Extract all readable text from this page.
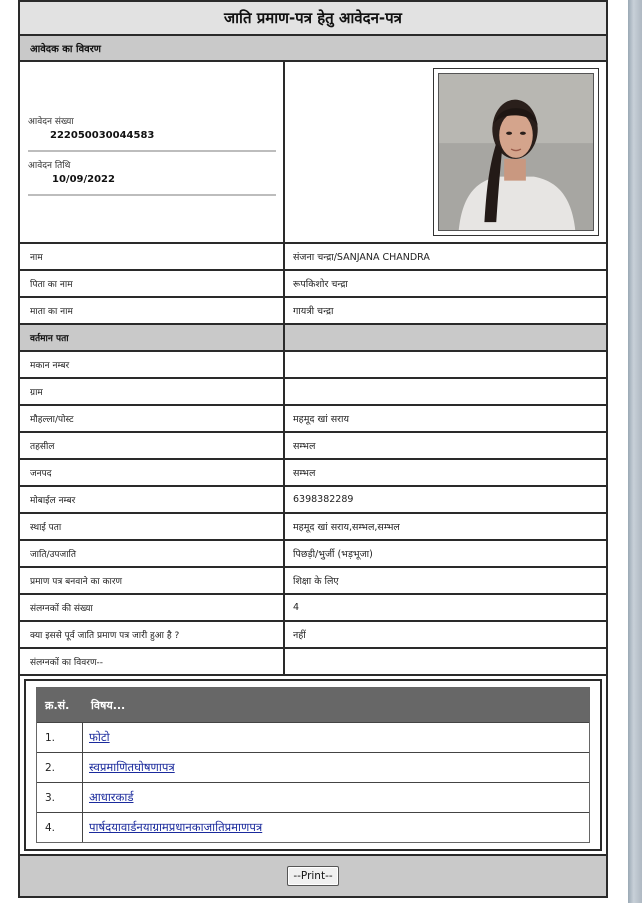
जाति प्रमाण-पत्र हेतु आवेदन-पत्र
आवेदक का विवरण
आवेदन संख्या
222050030044583
आवेदन तिथि
10/09/2022
नाम	संजना चन्द्रा/SANJANA CHANDRA
पिता का नाम	रूपकिशोर चन्द्रा
माता का नाम	गायत्री चन्द्रा
वर्तमान पता
मकान नम्बर
ग्राम
मौहल्ला/पोस्ट	महमूद खां सराय
तहसील	सम्भल
जनपद	सम्भल
मोबाईल नम्बर	6398382289
स्थाई पता	महमूद खां सराय,सम्भल,सम्भल
जाति/उपजाति	पिछड़ी/भुर्जी (भड़भूजा)
प्रमाण पत्र बनवाने का कारण	शिक्षा के लिए
संलग्नकों की संख्या	4
क्या इससे पूर्व जाति प्रमाण पत्र जारी हुआ है ?	नहीं
संलग्नकों का विवरण--
क्र.सं.	विषय...
1.	फोटो
2.	स्वप्रमाणितघोषणापत्र
3.	आधारकार्ड
4.	पार्षदयावार्डनयाग्रामप्रधानकाजातिप्रमाणपत्र
--Print--
